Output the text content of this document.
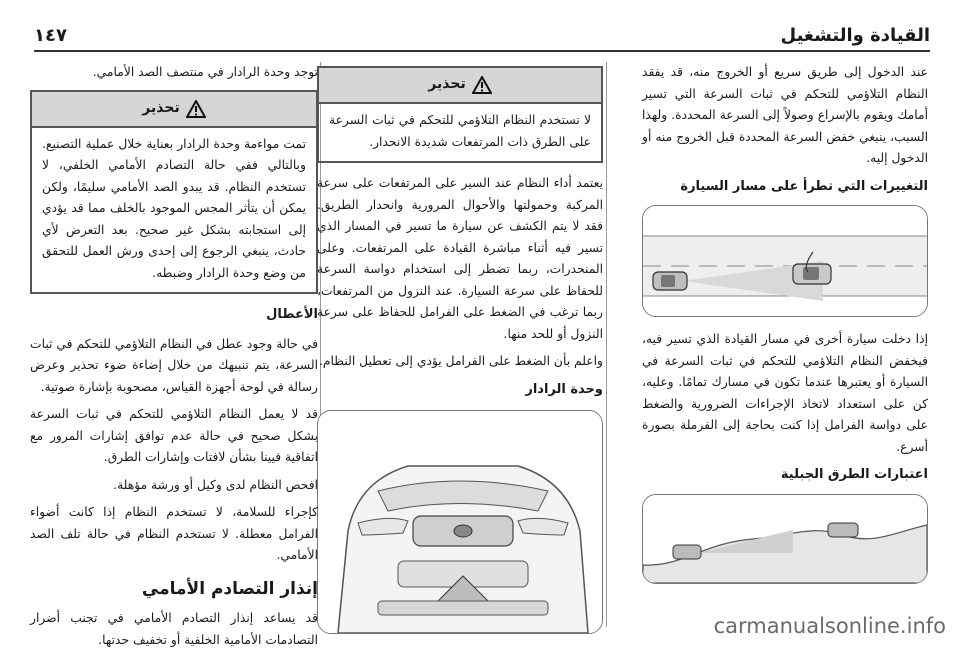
القيادة والتشغيل
١٤٧

عند الدخول إلى طريق سريع أو الخروج منه، قد يفقد النظام التلاؤمي للتحكم في ثبات السرعة التي تسير أمامك ويقوم بالإسراع وصولاً إلى السرعة المحددة. ولهذا السبب، ينبغي خفض السرعة المحددة قبل الخروج منه أو الدخول إليه.

التغييرات التي تطرأ على مسار السيارة

إذا دخلت سيارة أخرى في مسار القيادة الذي تسير فيه، فيخفض النظام التلاؤمي للتحكم في ثبات السرعة في السيارة أو يعتبرها عندما تكون في مسارك تمامًا. وعليه، كن على استعداد لاتخاذ الإجراءات الضرورية والضغط على دواسة الفرامل إذا كنت بحاجة إلى الفرملة بصورة أسرع.

اعتبارات الطرق الجبلية
تحذير
لا تستخدم النظام التلاؤمي للتحكم في ثبات السرعة على الطرق ذات المرتفعات شديدة الانحدار.

يعتمد أداء النظام عند السير على المرتفعات على سرعة المركبة وحمولتها والأحوال المرورية وانحدار الطريق. فقد لا يتم الكشف عن سيارة ما تسير في المسار الذي تسير فيه أثناء مباشرة القيادة على المرتفعات. وعلى المنحدرات، ربما تضطر إلى استخدام دواسة السرعة للحفاظ على سرعة السيارة. عند النزول من المرتفعات، ربما ترغب في الضغط على الفرامل للحفاظ على سرعة النزول أو للحد منها.

واعلم بأن الضغط على الفرامل يؤدي إلى تعطيل النظام.

وحدة الرادار

توجد وحدة الرادار في منتصف الصد الأمامي.

تحذير
تمت مواءمة وحدة الرادار بعناية خلال عملية التصنيع. وبالتالي ففي حالة التصادم الأمامي الخلفي، لا تستخدم النظام. قد يبدو الصد الأمامي سليمًا، ولكن يمكن أن يتأثر المجس الموجود بالخلف مما قد يؤدي إلى استجابته بشكل غير صحيح. بعد التعرض لأي حادث، ينبغي الرجوع إلى إحدى ورش العمل للتحقق من وضع وحدة الرادار وضبطه.
الأعطال

في حالة وجود عطل في النظام التلاؤمي للتحكم في ثبات السرعة، يتم تنبيهك من خلال إضاءة ضوء تحذير وعرض رسالة في لوحة أجهزة القياس، مصحوبة بإشارة صوتية.

قد لا يعمل النظام التلاؤمي للتحكم في ثبات السرعة بشكل صحيح في حالة عدم توافق إشارات المرور مع اتفاقية فيينا بشأن لافتات وإشارات الطرق.

افحص النظام لدى وكيل أو ورشة مؤهلة.

كإجراء للسلامة، لا تستخدم النظام إذا كانت أضواء الفرامل معطلة. لا تستخدم النظام في حالة تلف الصد الأمامي.

إنذار التصادم الأمامي

قد يساعد إنذار التصادم الأمامي في تجنب أضرار التصادمات الأمامية الخلفية أو تخفيف حدتها.

carmanualsonline.info
